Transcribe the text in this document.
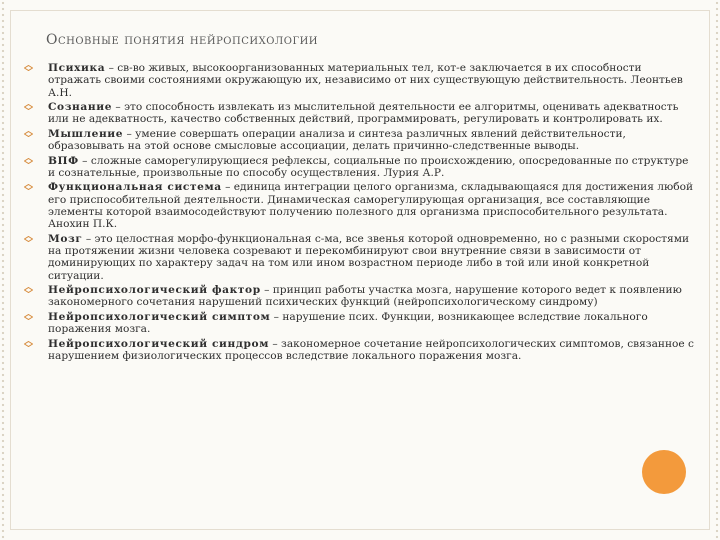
Основные понятия нейропсихологии
Психика – св-во живых, высокоорганизованных материальных тел, кот-е заключается в их способности отражать своими состояниями окружающую их, независимо от них существующую действительность. Леонтьев А.Н.
Сознание – это способность извлекать из мыслительной деятельности ее алгоритмы, оценивать адекватность или не адекватность, качество собственных действий, программировать, регулировать и контролировать их.
Мышление – умение совершать операции анализа и синтеза различных явлений действительности, образовывать на этой основе смысловые ассоциации, делать причинно-следственные выводы.
ВПФ – сложные саморегулирующиеся рефлексы, социальные по происхождению, опосредованные по структуре и сознательные, произвольные по способу осуществления. Лурия А.Р.
Функциональная система – единица интеграции целого организма, складывающаяся для достижения любой его приспособительной деятельности. Динамическая саморегулирующая организация, все составляющие элементы которой взаимосодействуют получению полезного для организма приспособительного результата. Анохин П.К.
Мозг – это целостная морфо-функциональная с-ма, все звенья которой одновременно, но с разными скоростями на протяжении жизни человека созревают и перекомбинируют свои внутренние связи в зависимости от доминирующих по характеру задач на том или ином возрастном периоде либо в той или иной конкретной ситуации.
Нейропсихологический фактор – принцип работы участка мозга, нарушение которого ведет к появлению закономерного сочетания нарушений психических функций (нейропсихологическому синдрому)
Нейропсихологический симптом – нарушение псих. Функции, возникающее вследствие локального поражения мозга.
Нейропсихологический синдром – закономерное сочетание нейропсихологических симптомов, связанное с нарушением физиологических процессов вследствие локального поражения мозга.
